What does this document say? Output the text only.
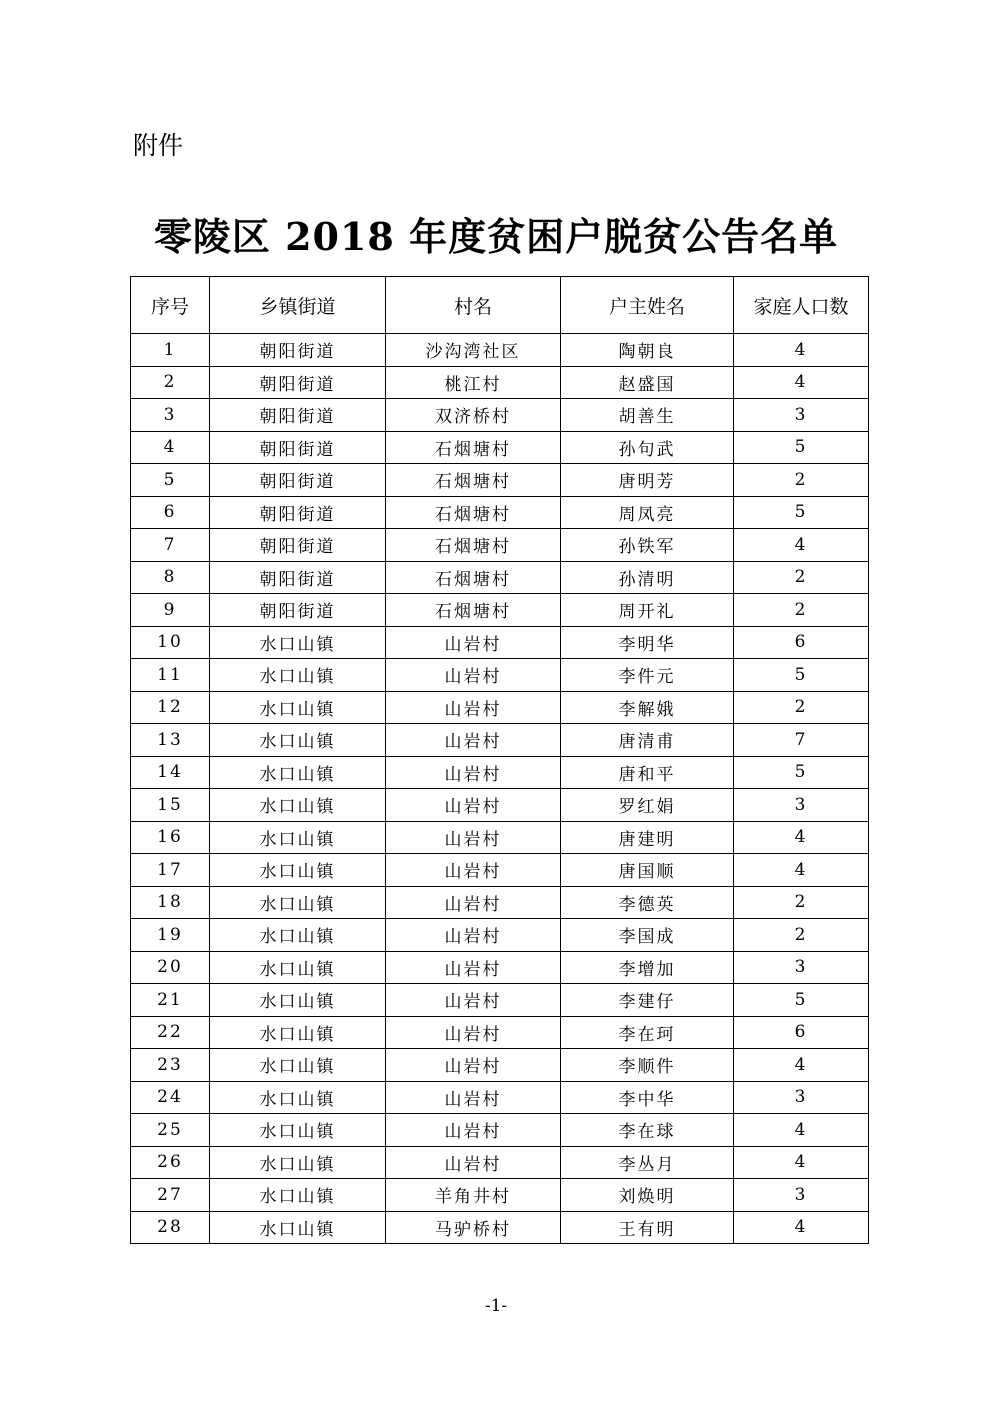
附件
零陵区 2018 年度贫困户脱贫公告名单
序号	乡镇街道	村名	户主姓名	家庭人口数
1	朝阳街道	沙沟湾社区	陶朝良	4
2	朝阳街道	桃江村	赵盛国	4
3	朝阳街道	双济桥村	胡善生	3
4	朝阳街道	石烟塘村	孙句武	5
5	朝阳街道	石烟塘村	唐明芳	2
6	朝阳街道	石烟塘村	周凤亮	5
7	朝阳街道	石烟塘村	孙铁军	4
8	朝阳街道	石烟塘村	孙清明	2
9	朝阳街道	石烟塘村	周开礼	2
10	水口山镇	山岩村	李明华	6
11	水口山镇	山岩村	李件元	5
12	水口山镇	山岩村	李解娥	2
13	水口山镇	山岩村	唐清甫	7
14	水口山镇	山岩村	唐和平	5
15	水口山镇	山岩村	罗红娟	3
16	水口山镇	山岩村	唐建明	4
17	水口山镇	山岩村	唐国顺	4
18	水口山镇	山岩村	李德英	2
19	水口山镇	山岩村	李国成	2
20	水口山镇	山岩村	李增加	3
21	水口山镇	山岩村	李建仔	5
22	水口山镇	山岩村	李在珂	6
23	水口山镇	山岩村	李顺件	4
24	水口山镇	山岩村	李中华	3
25	水口山镇	山岩村	李在球	4
26	水口山镇	山岩村	李丛月	4
27	水口山镇	羊角井村	刘焕明	3
28	水口山镇	马驴桥村	王有明	4
-1-
